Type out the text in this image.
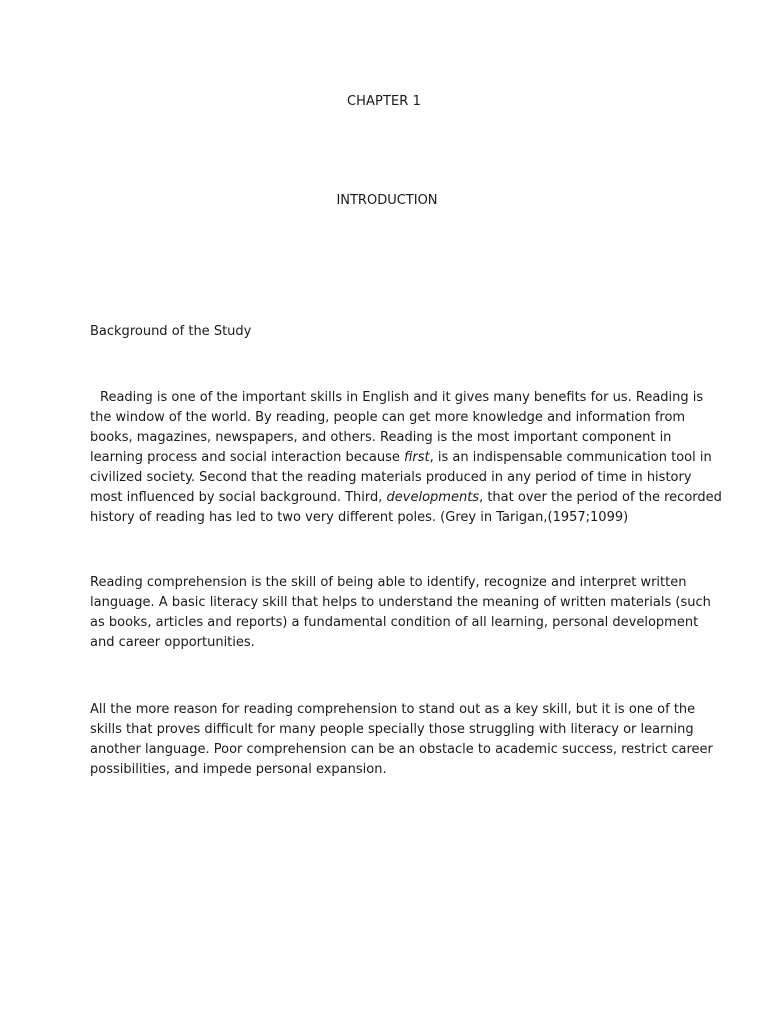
CHAPTER 1
INTRODUCTION
Background of the Study

Reading is one of the important skills in English and it gives many benefits for us. Reading is
the window of the world. By reading, people can get more knowledge and information from
books, magazines, newspapers, and others. Reading is the most important component in
learning process and social interaction because first, is an indispensable communication tool in
civilized society. Second that the reading materials produced in any period of time in history
most influenced by social background. Third, developments, that over the period of the recorded
history of reading has led to two very different poles. (Grey in Tarigan,(1957;1099)

Reading comprehension is the skill of being able to identify, recognize and interpret written
language. A basic literacy skill that helps to understand the meaning of written materials (such
as books, articles and reports) a fundamental condition of all learning, personal development
and career opportunities.

All the more reason for reading comprehension to stand out as a key skill, but it is one of the
skills that proves difficult for many people specially those struggling with literacy or learning
another language. Poor comprehension can be an obstacle to academic success, restrict career
possibilities, and impede personal expansion.
